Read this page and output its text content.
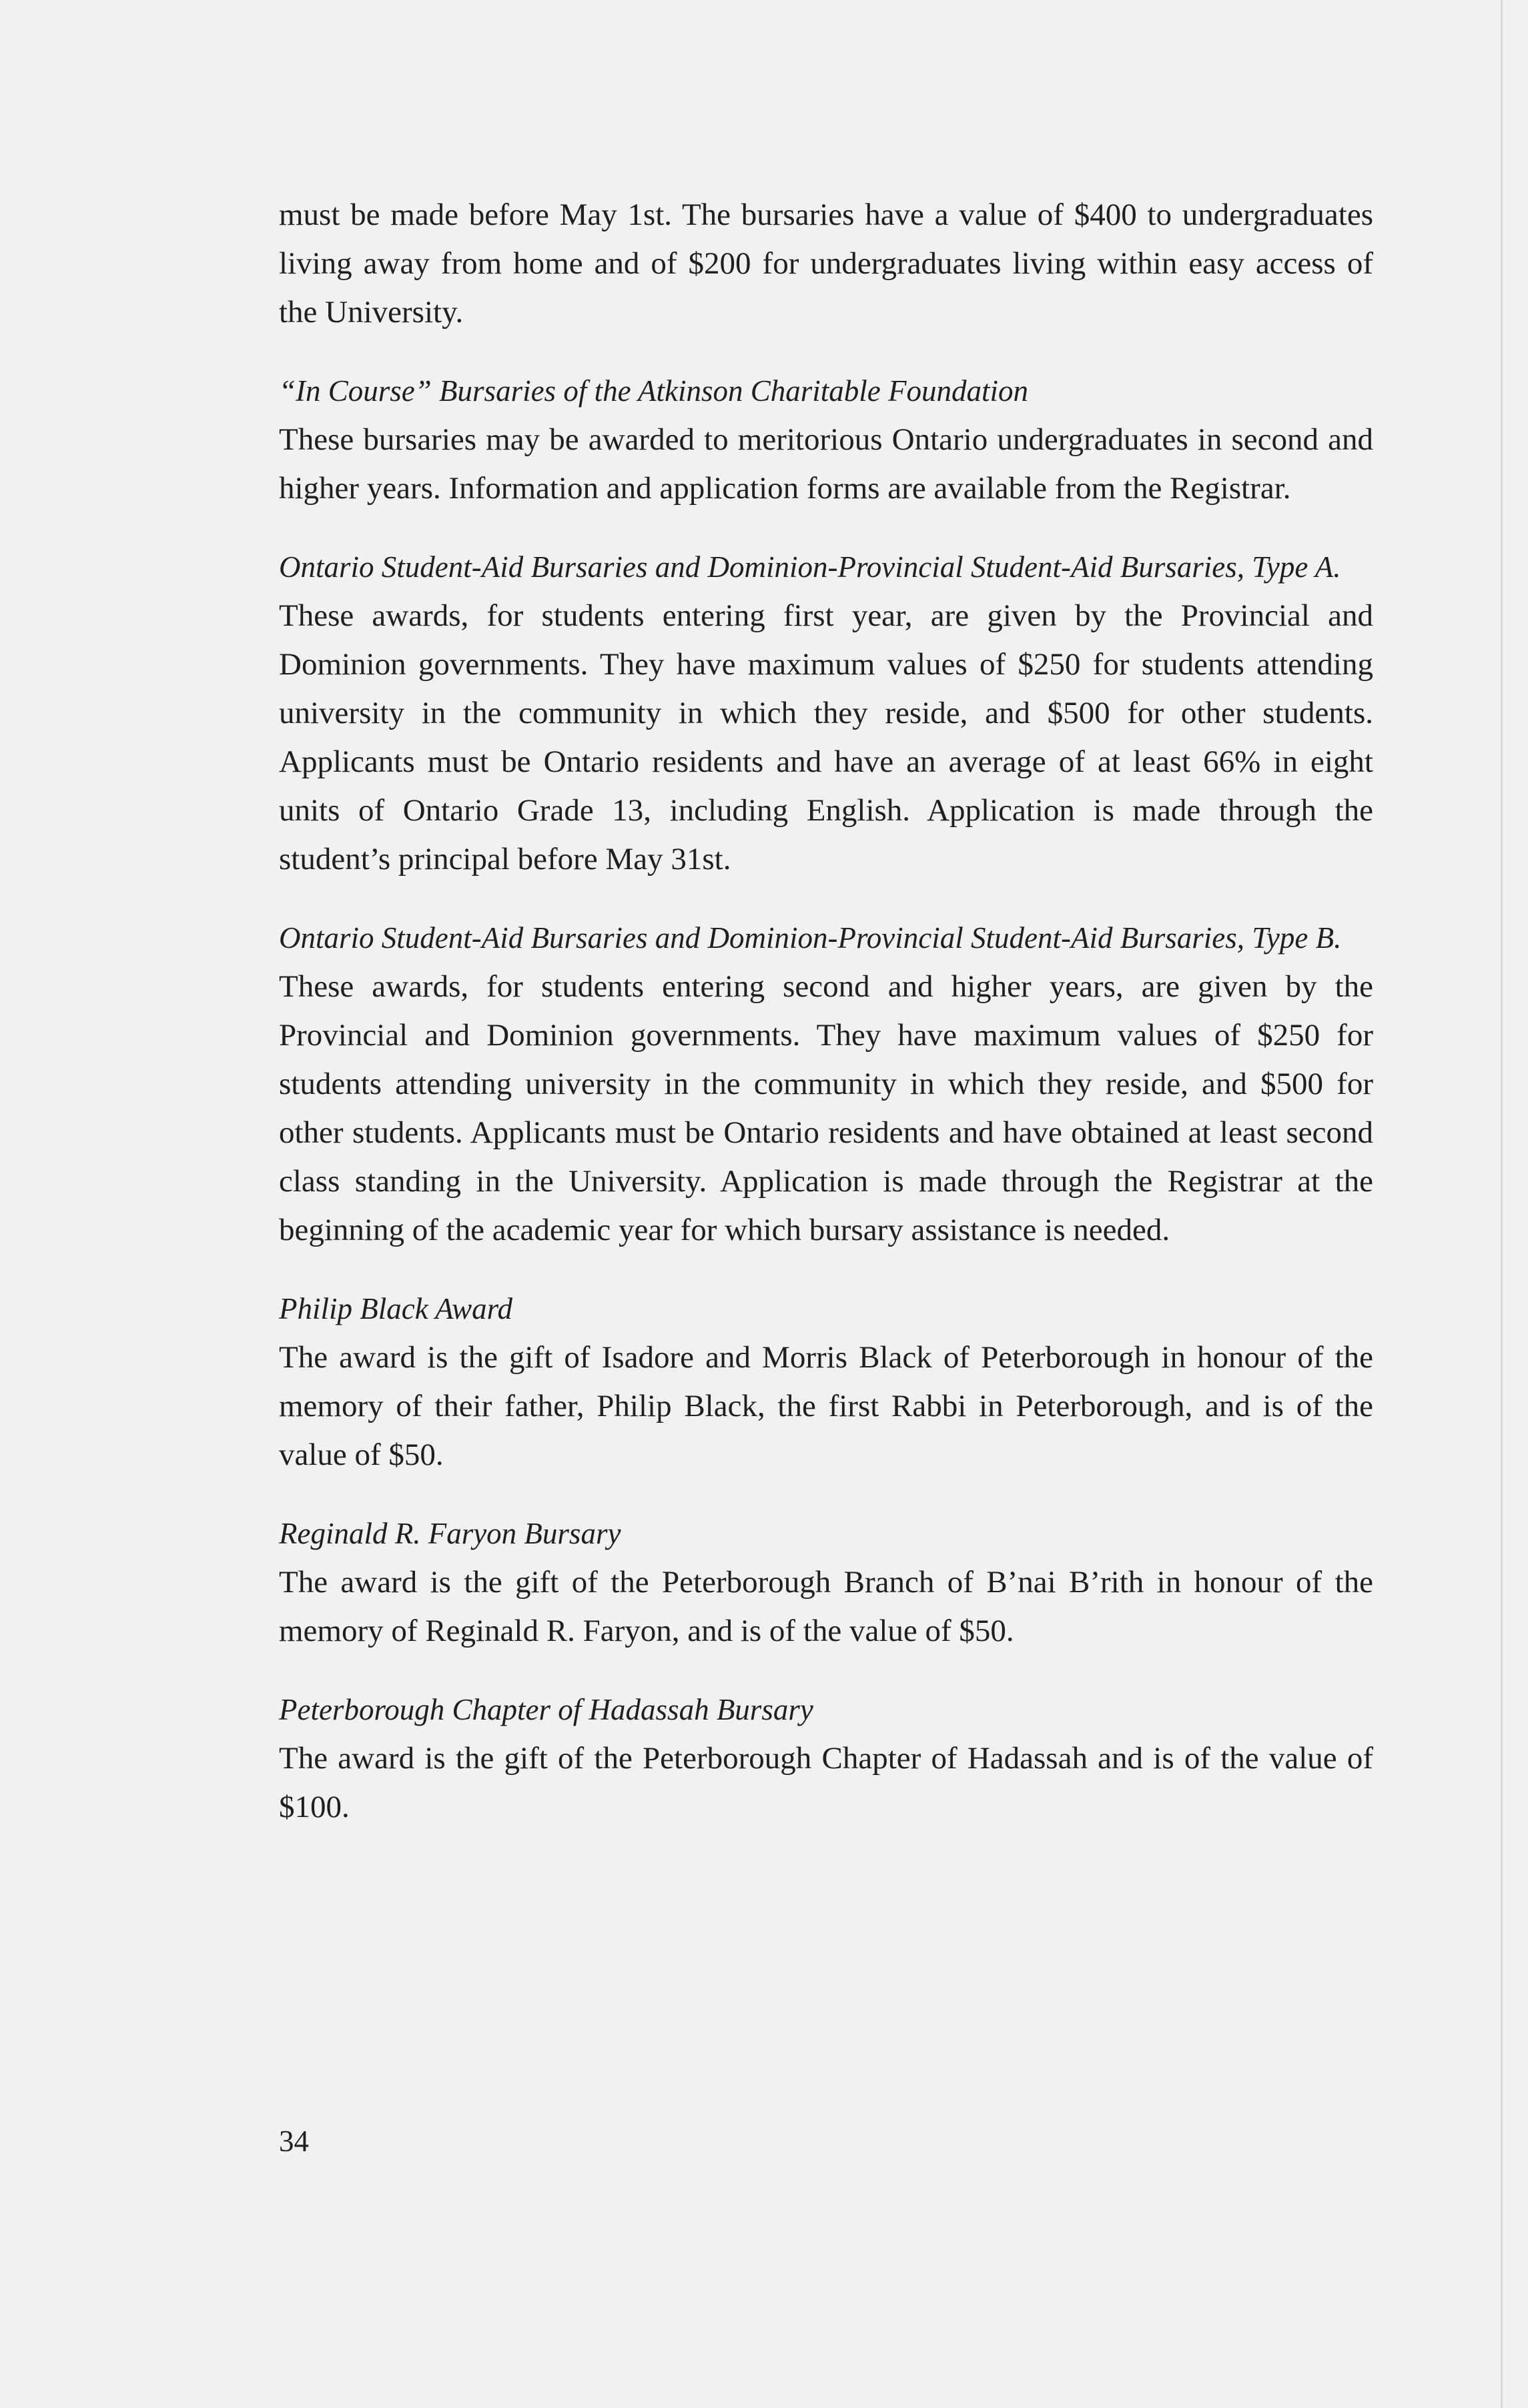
must be made before May 1st. The bursaries have a value of $400 to undergraduates living away from home and of $200 for undergraduates living within easy access of the University.

“In Course” Bursaries of the Atkinson Charitable Foundation

These bursaries may be awarded to meritorious Ontario undergraduates in second and higher years. Information and application forms are available from the Registrar.

Ontario Student-Aid Bursaries and Dominion-Provincial Student-Aid Bursaries, Type A.

These awards, for students entering first year, are given by the Provincial and Dominion governments. They have maximum values of $250 for students attending university in the community in which they reside, and $500 for other students. Applicants must be Ontario residents and have an average of at least 66% in eight units of Ontario Grade 13, including English. Application is made through the student’s principal before May 31st.

Ontario Student-Aid Bursaries and Dominion-Provincial Student-Aid Bursaries, Type B.

These awards, for students entering second and higher years, are given by the Provincial and Dominion governments. They have maximum values of $250 for students attending university in the community in which they reside, and $500 for other students. Applicants must be Ontario residents and have obtained at least second class standing in the University. Application is made through the Registrar at the beginning of the academic year for which bursary assistance is needed.

Philip Black Award

The award is the gift of Isadore and Morris Black of Peterborough in honour of the memory of their father, Philip Black, the first Rabbi in Peterborough, and is of the value of $50.

Reginald R. Faryon Bursary

The award is the gift of the Peterborough Branch of B’nai B’rith in honour of the memory of Reginald R. Faryon, and is of the value of $50.

Peterborough Chapter of Hadassah Bursary

The award is the gift of the Peterborough Chapter of Hadassah and is of the value of $100.

34
